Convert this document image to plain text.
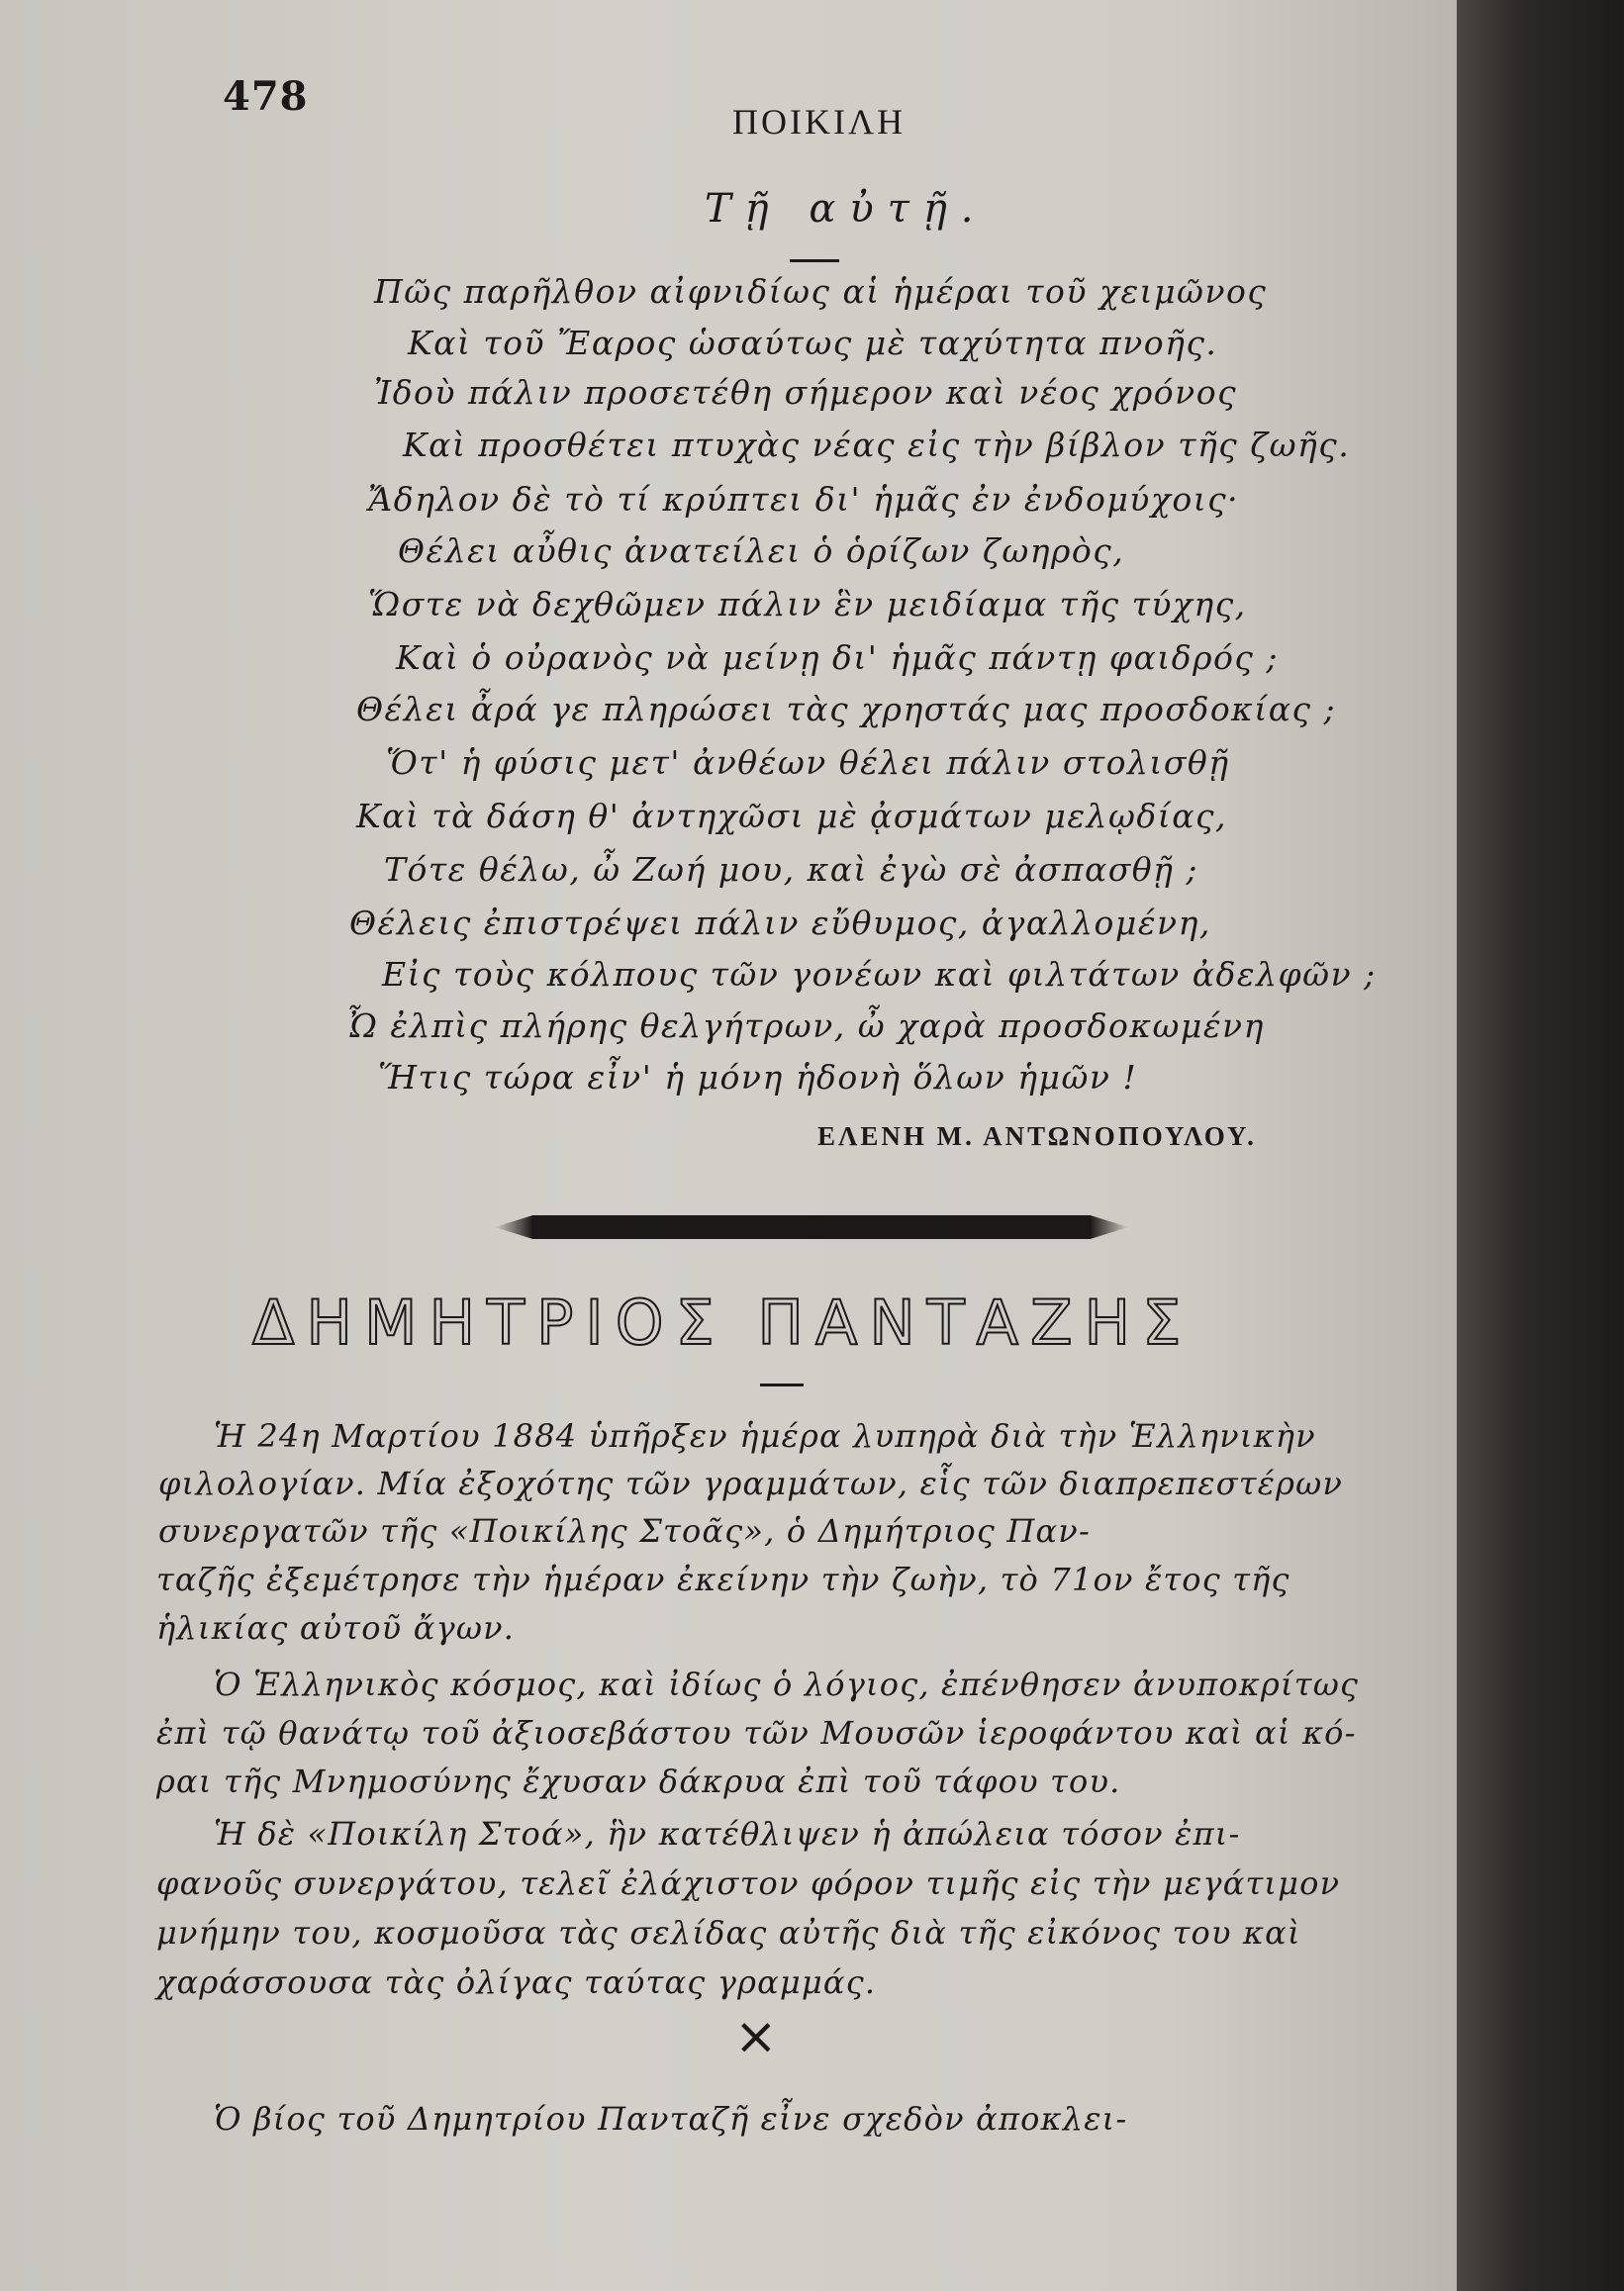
478
ΠΟΙΚΙΛΗ
Τῇ αὐτῇ.
Πῶς παρῆλθον αἰφνιδίως αἱ ἡμέραι τοῦ χειμῶνος
Καὶ τοῦ Ἔαρος ὡσαύτως μὲ ταχύτητα πνοῆς.
Ἰδοὺ πάλιν προσετέθη σήμερον καὶ νέος χρόνος
Καὶ προσθέτει πτυχὰς νέας εἰς τὴν βίβλον τῆς ζωῆς.
Ἄδηλον δὲ τὸ τί κρύπτει δι' ἡμᾶς ἐν ἐνδομύχοις·
Θέλει αὖθις ἀνατείλει ὁ ὁρίζων ζωηρὸς,
Ὥστε νὰ δεχθῶμεν πάλιν ἓν μειδίαμα τῆς τύχης,
Καὶ ὁ οὐρανὸς νὰ μείνῃ δι' ἡμᾶς πάντῃ φαιδρός ;
Θέλει ἆρά γε πληρώσει τὰς χρηστάς μας προσδοκίας ;
Ὅτ' ἡ φύσις μετ' ἀνθέων θέλει πάλιν στολισθῇ
Καὶ τὰ δάση θ' ἀντηχῶσι μὲ ᾀσμάτων μελῳδίας,
Τότε θέλω, ὦ Ζωή μου, καὶ ἐγὼ σὲ ἀσπασθῇ ;
Θέλεις ἐπιστρέψει πάλιν εὔθυμος, ἀγαλλομένη,
Εἰς τοὺς κόλπους τῶν γονέων καὶ φιλτάτων ἀδελφῶν ;
Ὦ ἐλπὶς πλήρης θελγήτρων, ὦ χαρὰ προσδοκωμένη
Ἥτις τώρα εἶν' ἡ μόνη ἡδονὴ ὅλων ἡμῶν !
ΕΛΕΝΗ Μ. ΑΝΤΩΝΟΠΟΥΛΟΥ.
ΔΗΜΗΤΡΙΟΣ ΠΑΝΤΑΖΗΣ
Ἡ 24η Μαρτίου 1884 ὑπῆρξεν ἡμέρα λυπηρὰ διὰ τὴν Ἑλληνικὴν
φιλολογίαν. Μία ἐξοχότης τῶν γραμμάτων, εἷς τῶν διαπρεπεστέρων
συνεργατῶν τῆς «Ποικίλης Στοᾶς», ὁ Δημήτριος Παν-
ταζῆς ἐξεμέτρησε τὴν ἡμέραν ἐκείνην τὴν ζωὴν, τὸ 71ον ἔτος τῆς
ἡλικίας αὐτοῦ ἄγων.
Ὁ Ἑλληνικὸς κόσμος, καὶ ἰδίως ὁ λόγιος, ἐπένθησεν ἀνυποκρίτως
ἐπὶ τῷ θανάτῳ τοῦ ἀξιοσεβάστου τῶν Μουσῶν ἱεροφάντου καὶ αἱ κό-
ραι τῆς Μνημοσύνης ἔχυσαν δάκρυα ἐπὶ τοῦ τάφου του.
Ἡ δὲ «Ποικίλη Στοά», ἣν κατέθλιψεν ἡ ἀπώλεια τόσον ἐπι-
φανοῦς συνεργάτου, τελεῖ ἐλάχιστον φόρον τιμῆς εἰς τὴν μεγάτιμον
μνήμην του, κοσμοῦσα τὰς σελίδας αὐτῆς διὰ τῆς εἰκόνος του καὶ
χαράσσουσα τὰς ὀλίγας ταύτας γραμμάς.
×
Ὁ βίος τοῦ Δημητρίου Πανταζῆ εἶνε σχεδὸν ἀποκλει-
